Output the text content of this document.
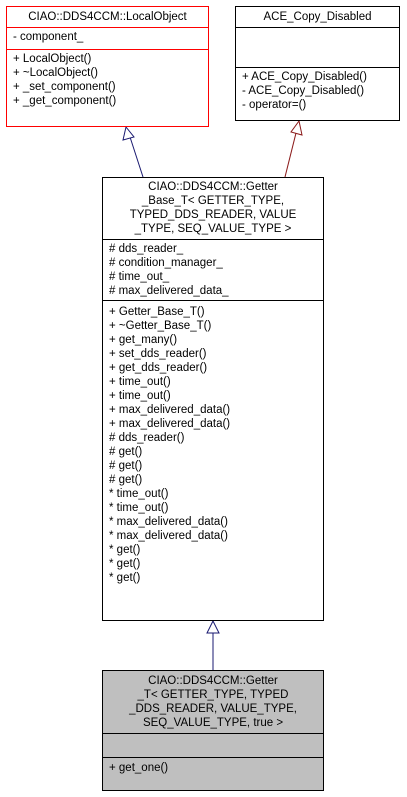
CIAO::DDS4CCM::LocalObject
- component_
+ LocalObject()
+ ~LocalObject()
+ _set_component()
+ _get_component()
ACE_Copy_Disabled
+ ACE_Copy_Disabled()
- ACE_Copy_Disabled()
- operator=()
CIAO::DDS4CCM::Getter
_Base_T< GETTER_TYPE,
TYPED_DDS_READER, VALUE
_TYPE, SEQ_VALUE_TYPE >
# dds_reader_
# condition_manager_
# time_out_
# max_delivered_data_
+ Getter_Base_T()
+ ~Getter_Base_T()
+ get_many()
+ set_dds_reader()
+ get_dds_reader()
+ time_out()
+ time_out()
+ max_delivered_data()
+ max_delivered_data()
# dds_reader()
# get()
# get()
# get()
* time_out()
* time_out()
* max_delivered_data()
* max_delivered_data()
* get()
* get()
* get()
CIAO::DDS4CCM::Getter
_T< GETTER_TYPE, TYPED
_DDS_READER, VALUE_TYPE,
SEQ_VALUE_TYPE, true >
+ get_one()
